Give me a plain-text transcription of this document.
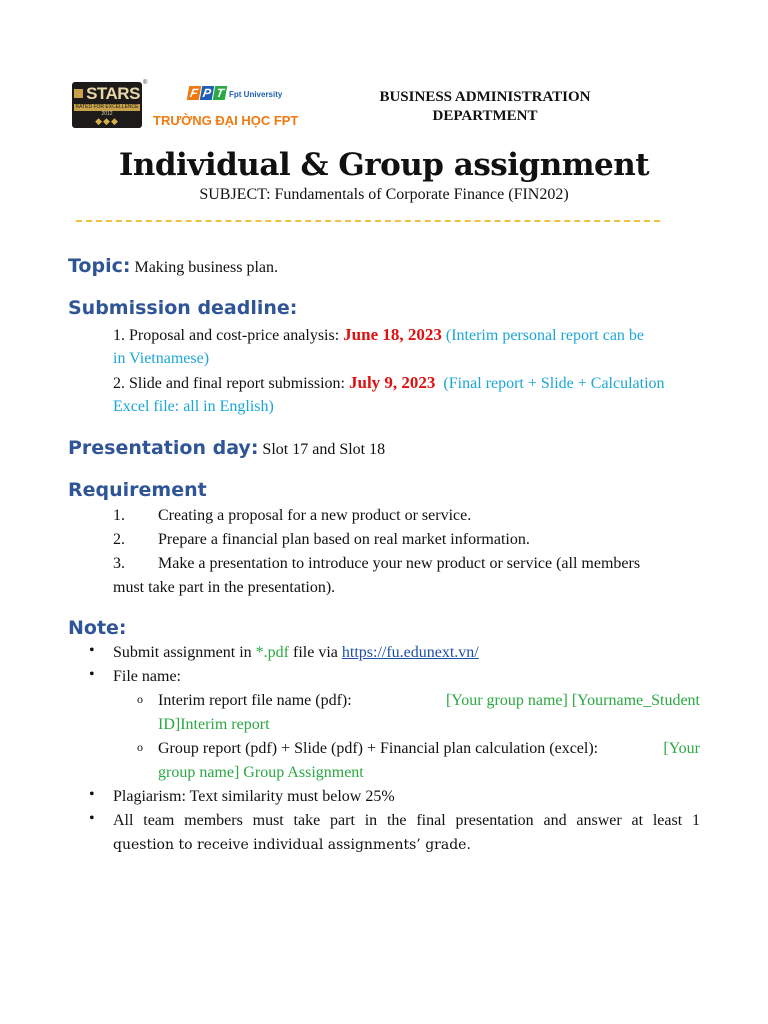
STARS
RATED FOR EXCELLENCE
2012
◆◆◆
®
F P T Fpt University
TRƯỜNG ĐẠI HỌC FPT
BUSINESS ADMINISTRATION
DEPARTMENT
Individual & Group assignment
SUBJECT: Fundamentals of Corporate Finance (FIN202)
Topic: Making business plan.
Submission deadline:
1. Proposal and cost-price analysis: June 18, 2023 (Interim personal report can be
in Vietnamese)
2. Slide and final report submission: July 9, 2023 (Final report + Slide + Calculation
Excel file: all in English)
Presentation day: Slot 17 and Slot 18
Requirement
1. Creating a proposal for a new product or service.
2. Prepare a financial plan based on real market information.
3. Make a presentation to introduce your new product or service (all members
must take part in the presentation).
Note:
• Submit assignment in *.pdf file via https://fu.edunext.vn/
• File name:
o Interim report file name (pdf):	[Your group name] [Yourname_Student
ID]Interim report
o Group report (pdf) + Slide (pdf) + Financial plan calculation (excel):	[Your
group name] Group Assignment
• Plagiarism: Text similarity must below 25%
• All team members must take part in the final presentation and answer at least 1
question to receive individual assignments’ grade.
